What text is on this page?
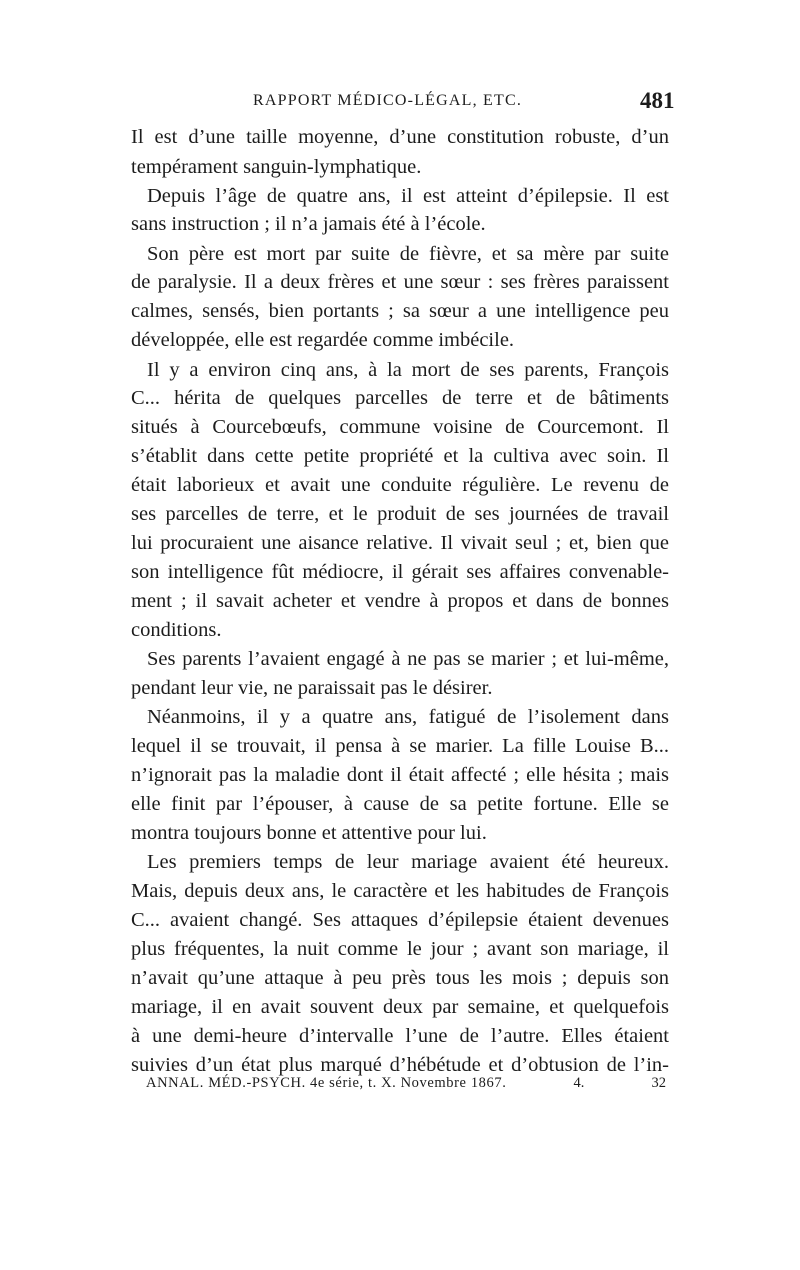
RAPPORT MÉDICO-LÉGAL, ETC.	481
Il est d’une taille moyenne, d’une constitution robuste, d’un
tempérament sanguin-lymphatique.
Depuis l’âge de quatre ans, il est atteint d’épilepsie. Il est
sans instruction ; il n’a jamais été à l’école.
Son père est mort par suite de fièvre, et sa mère par suite
de paralysie. Il a deux frères et une sœur : ses frères paraissent
calmes, sensés, bien portants ; sa sœur a une intelligence peu
développée, elle est regardée comme imbécile.
Il y a environ cinq ans, à la mort de ses parents, François
C... hérita de quelques parcelles de terre et de bâtiments
situés à Courcebœufs, commune voisine de Courcemont. Il
s’établit dans cette petite propriété et la cultiva avec soin. Il
était laborieux et avait une conduite régulière. Le revenu de
ses parcelles de terre, et le produit de ses journées de travail
lui procuraient une aisance relative. Il vivait seul ; et, bien que
son intelligence fût médiocre, il gérait ses affaires convenable-
ment ; il savait acheter et vendre à propos et dans de bonnes
conditions.
Ses parents l’avaient engagé à ne pas se marier ; et lui-même,
pendant leur vie, ne paraissait pas le désirer.
Néanmoins, il y a quatre ans, fatigué de l’isolement dans
lequel il se trouvait, il pensa à se marier. La fille Louise B...
n’ignorait pas la maladie dont il était affecté ; elle hésita ; mais
elle finit par l’épouser, à cause de sa petite fortune. Elle se
montra toujours bonne et attentive pour lui.
Les premiers temps de leur mariage avaient été heureux.
Mais, depuis deux ans, le caractère et les habitudes de François
C... avaient changé. Ses attaques d’épilepsie étaient devenues
plus fréquentes, la nuit comme le jour ; avant son mariage, il
n’avait qu’une attaque à peu près tous les mois ; depuis son
mariage, il en avait souvent deux par semaine, et quelquefois
à une demi-heure d’intervalle l’une de l’autre. Elles étaient
suivies d’un état plus marqué d’hébétude et d’obtusion de l’in-
ANNAL. MÉD.-PSYCH. 4e série, t. X. Novembre 1867.	4.	32
